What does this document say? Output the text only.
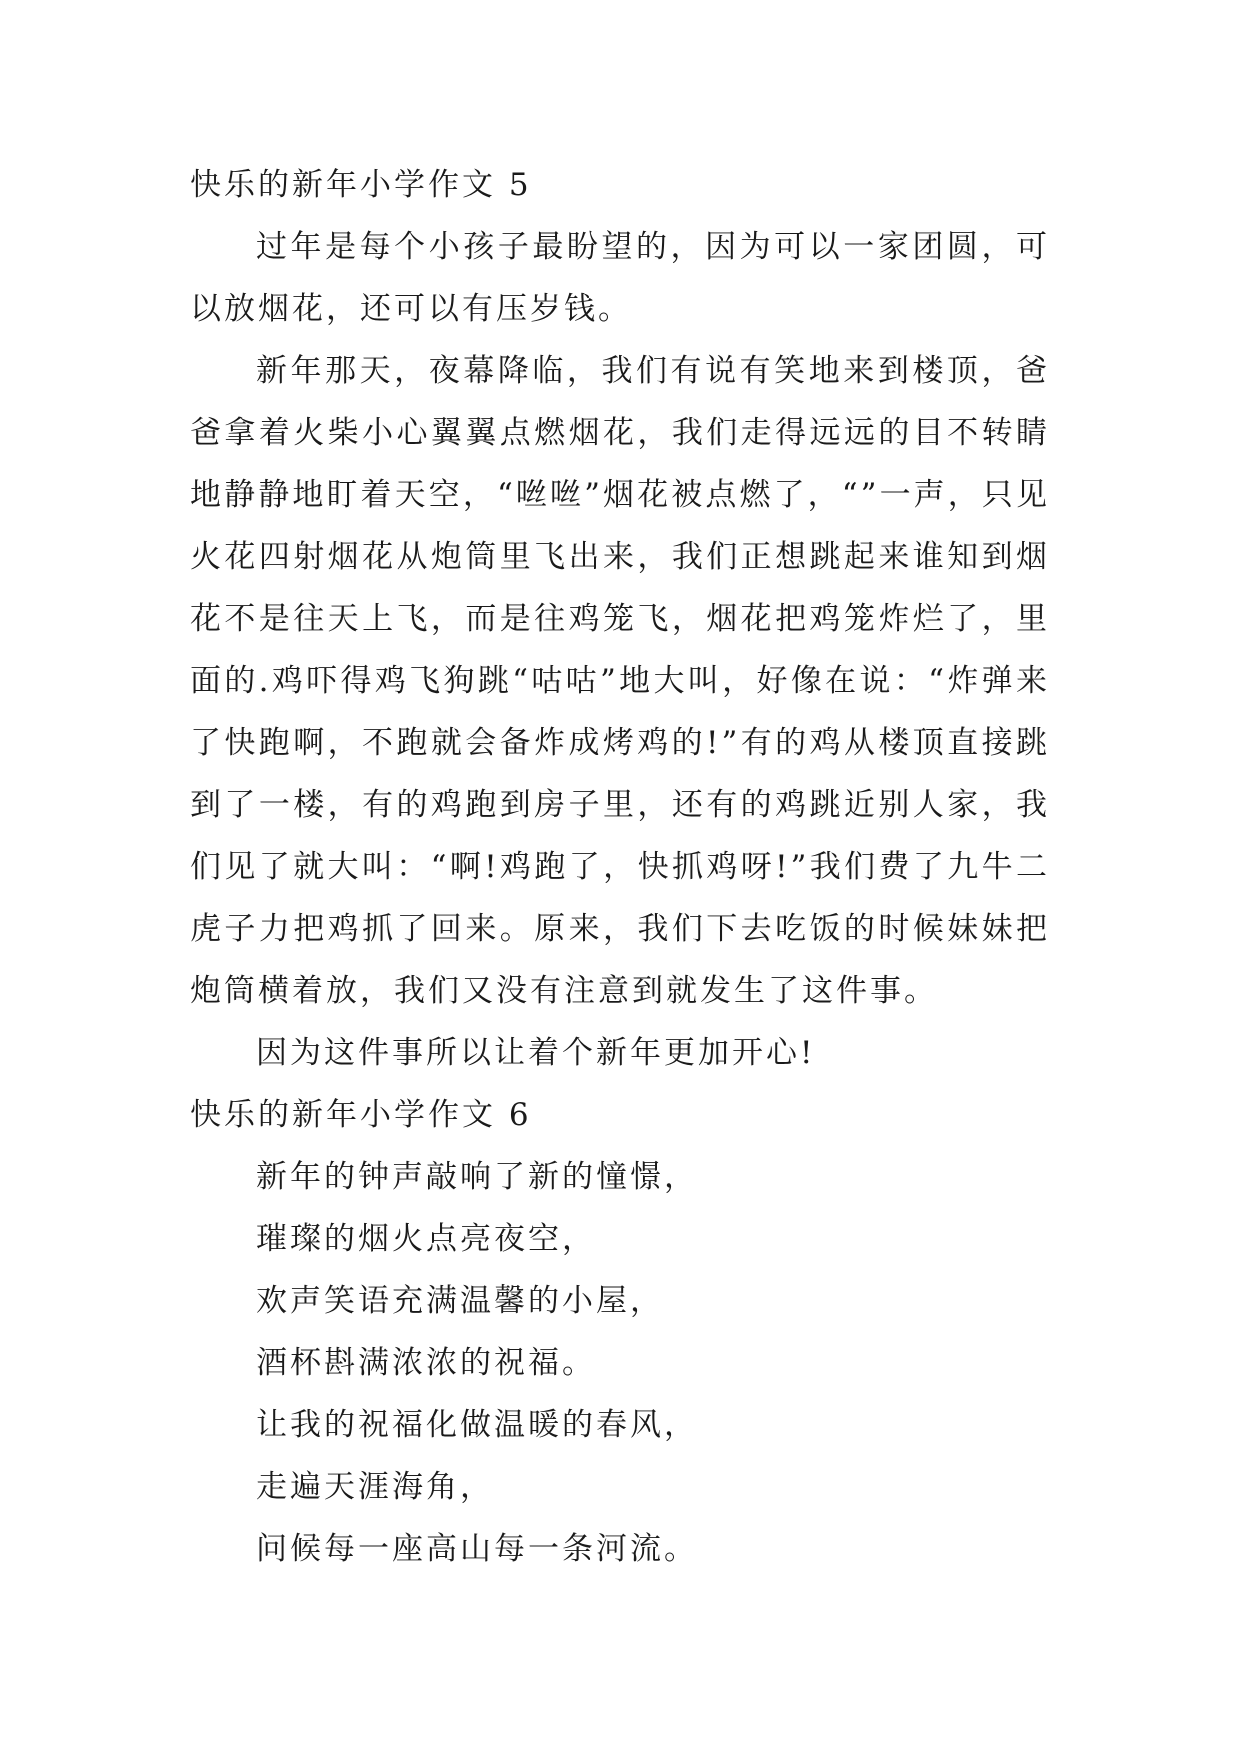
快乐的新年小学作文 5

过年是每个小孩子最盼望的，因为可以一家团圆，可以放烟花，还可以有压岁钱。

新年那天，夜幕降临，我们有说有笑地来到楼顶，爸爸拿着火柴小心翼翼点燃烟花，我们走得远远的目不转睛地静静地盯着天空，“咝咝”烟花被点燃了，“”一声，只见火花四射烟花从炮筒里飞出来，我们正想跳起来谁知到烟花不是往天上飞，而是往鸡笼飞，烟花把鸡笼炸烂了，里面的.鸡吓得鸡飞狗跳“咕咕”地大叫，好像在说：“炸弹来了快跑啊，不跑就会备炸成烤鸡的!”有的鸡从楼顶直接跳到了一楼，有的鸡跑到房子里，还有的鸡跳近别人家，我们见了就大叫：“啊!鸡跑了，快抓鸡呀!”我们费了九牛二虎子力把鸡抓了回来。原来，我们下去吃饭的时候妹妹把炮筒横着放，我们又没有注意到就发生了这件事。

因为这件事所以让着个新年更加开心!

快乐的新年小学作文 6
新年的钟声敲响了新的憧憬，
璀璨的烟火点亮夜空，
欢声笑语充满温馨的小屋，
酒杯斟满浓浓的祝福。
让我的祝福化做温暖的春风，
走遍天涯海角，
问候每一座高山每一条河流。
